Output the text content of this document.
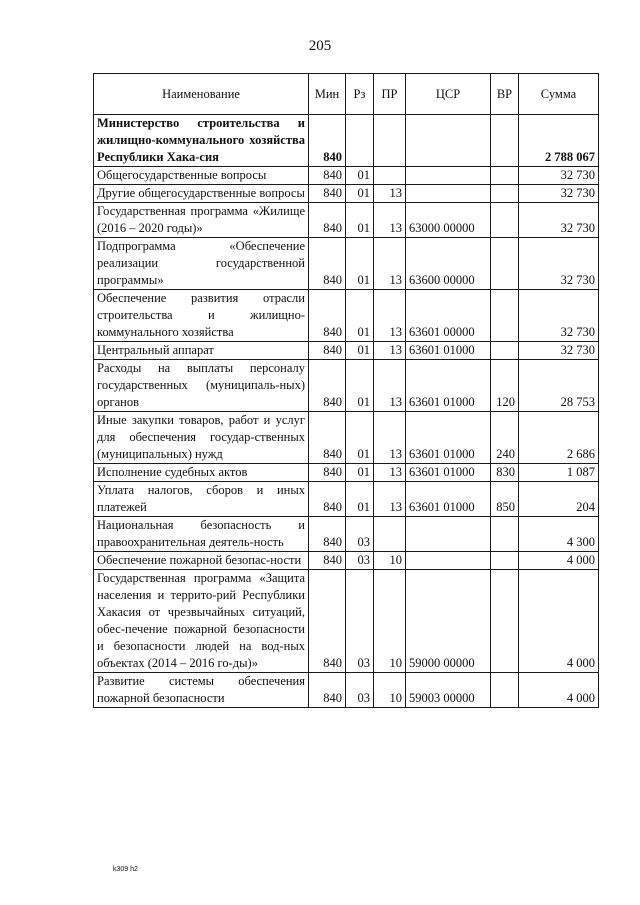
205
Наименование	Мин	Рз	ПР	ЦСР	ВР	Сумма
Министерство строительства и жилищно-коммунального хозяйства Республики Хака-сия	840					2 788 067
Общегосударственные вопросы	840	01				32 730
Другие общегосударственные вопросы	840	01	13			32 730
Государственная программа «Жилище (2016 – 2020 годы)»	840	01	13	63000 00000		32 730
Подпрограмма «Обеспечение реализации государственной программы»	840	01	13	63600 00000		32 730
Обеспечение развития отрасли строительства и жилищно-коммунального хозяйства	840	01	13	63601 00000		32 730
Центральный аппарат	840	01	13	63601 01000		32 730
Расходы на выплаты персоналу государственных (муниципаль-ных) органов	840	01	13	63601 01000	120	28 753
Иные закупки товаров, работ и услуг для обеспечения государ-ственных (муниципальных) нужд	840	01	13	63601 01000	240	2 686
Исполнение судебных актов	840	01	13	63601 01000	830	1 087
Уплата налогов, сборов и иных платежей	840	01	13	63601 01000	850	204
Национальная безопасность и правоохранительная деятель-ность	840	03				4 300
Обеспечение пожарной безопас-ности	840	03	10			4 000
Государственная программа «Защита населения и террито-рий Республики Хакасия от чрезвычайных ситуаций, обес-печение пожарной безопасности и безопасности людей на вод-ных объектах (2014 – 2016 го-ды)»	840	03	10	59000 00000		4 000
Развитие системы обеспечения пожарной безопасности	840	03	10	59003 00000		4 000
k309 h2
